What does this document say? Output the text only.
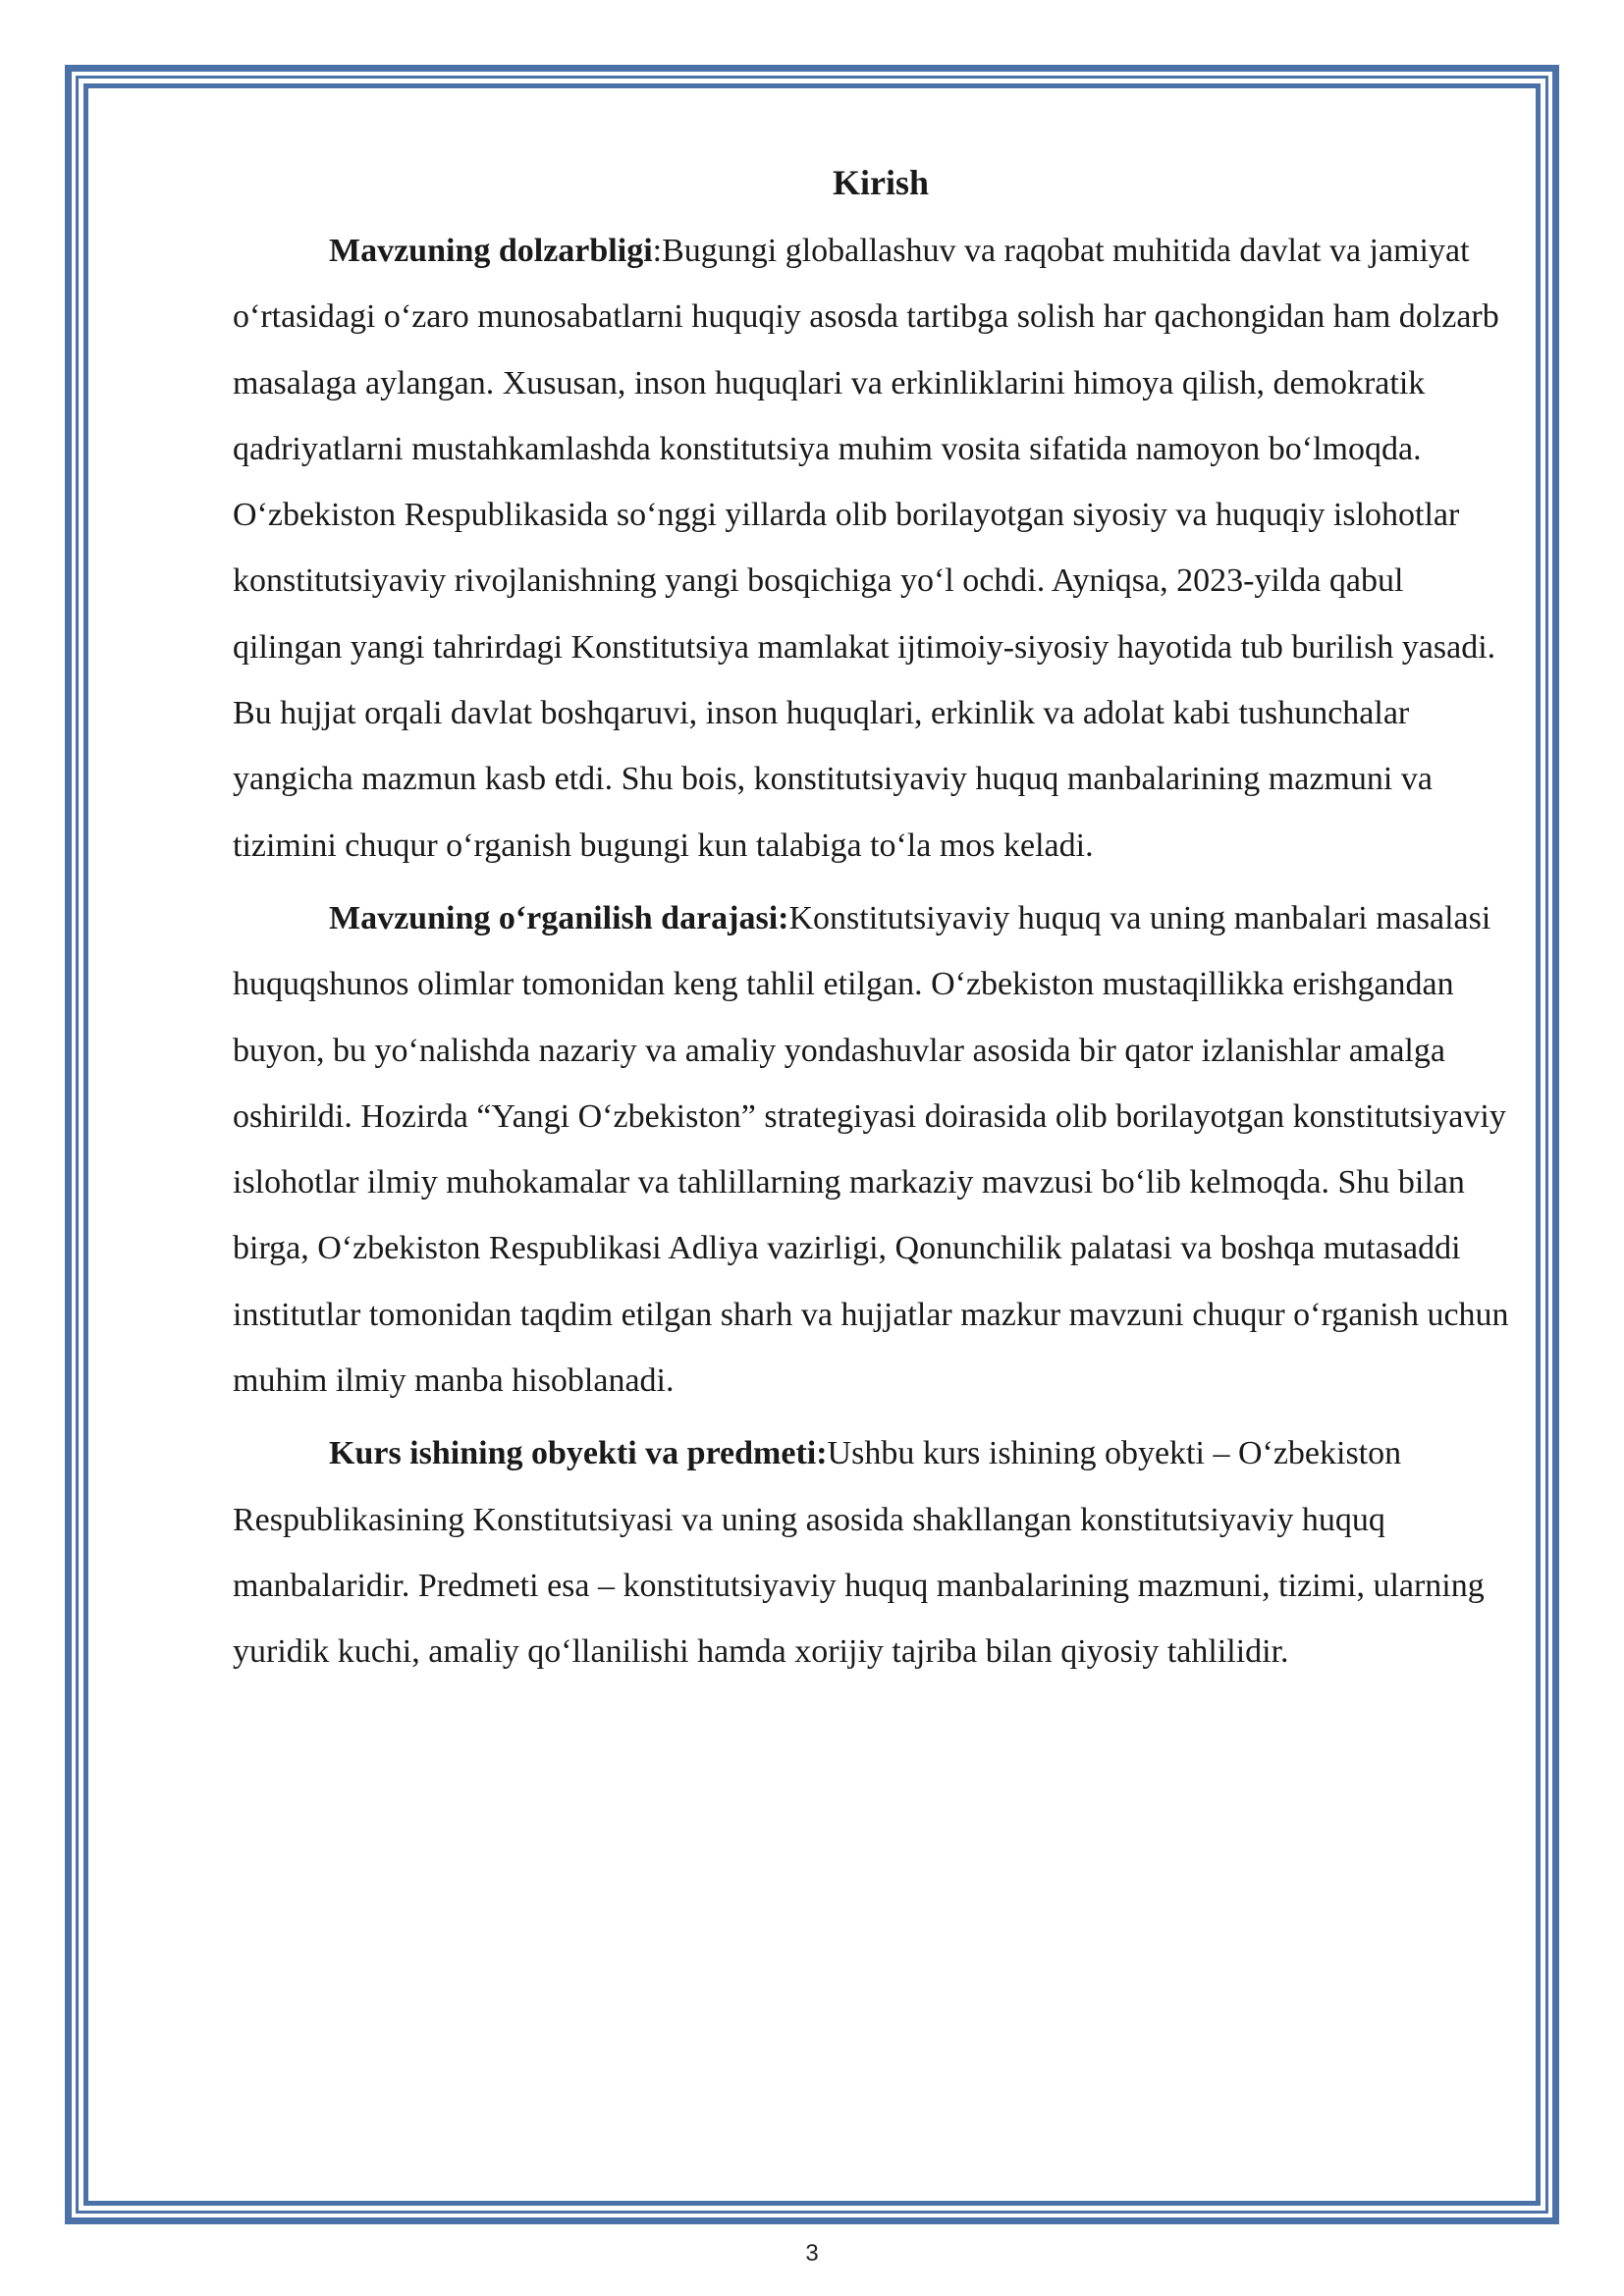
Kirish

Mavzuning dolzarbligi:Bugungi globallashuv va raqobat muhitida davlat va jamiyat o‘rtasidagi o‘zaro munosabatlarni huquqiy asosda tartibga solish har qachongidan ham dolzarb masalaga aylangan. Xususan, inson huquqlari va erkinliklarini himoya qilish, demokratik qadriyatlarni mustahkamlashda konstitutsiya muhim vosita sifatida namoyon bo‘lmoqda. O‘zbekiston Respublikasida so‘nggi yillarda olib borilayotgan siyosiy va huquqiy islohotlar konstitutsiyaviy rivojlanishning yangi bosqichiga yo‘l ochdi. Ayniqsa, 2023-yilda qabul qilingan yangi tahrirdagi Konstitutsiya mamlakat ijtimoiy-siyosiy hayotida tub burilish yasadi. Bu hujjat orqali davlat boshqaruvi, inson huquqlari, erkinlik va adolat kabi tushunchalar yangicha mazmun kasb etdi. Shu bois, konstitutsiyaviy huquq manbalarining mazmuni va tizimini chuqur o‘rganish bugungi kun talabiga to‘la mos keladi.

Mavzuning o‘rganilish darajasi:Konstitutsiyaviy huquq va uning manbalari masalasi huquqshunos olimlar tomonidan keng tahlil etilgan. O‘zbekiston mustaqillikka erishgandan buyon, bu yo‘nalishda nazariy va amaliy yondashuvlar asosida bir qator izlanishlar amalga oshirildi. Hozirda “Yangi O‘zbekiston” strategiyasi doirasida olib borilayotgan konstitutsiyaviy islohotlar ilmiy muhokamalar va tahlillarning markaziy mavzusi bo‘lib kelmoqda. Shu bilan birga, O‘zbekiston Respublikasi Adliya vazirligi, Qonunchilik palatasi va boshqa mutasaddi institutlar tomonidan taqdim etilgan sharh va hujjatlar mazkur mavzuni chuqur o‘rganish uchun muhim ilmiy manba hisoblanadi.

Kurs ishining obyekti va predmeti:Ushbu kurs ishining obyekti – O‘zbekiston Respublikasining Konstitutsiyasi va uning asosida shakllangan konstitutsiyaviy huquq manbalaridir. Predmeti esa – konstitutsiyaviy huquq manbalarining mazmuni, tizimi, ularning yuridik kuchi, amaliy qo‘llanilishi hamda xorijiy tajriba bilan qiyosiy tahlilidir.

3
